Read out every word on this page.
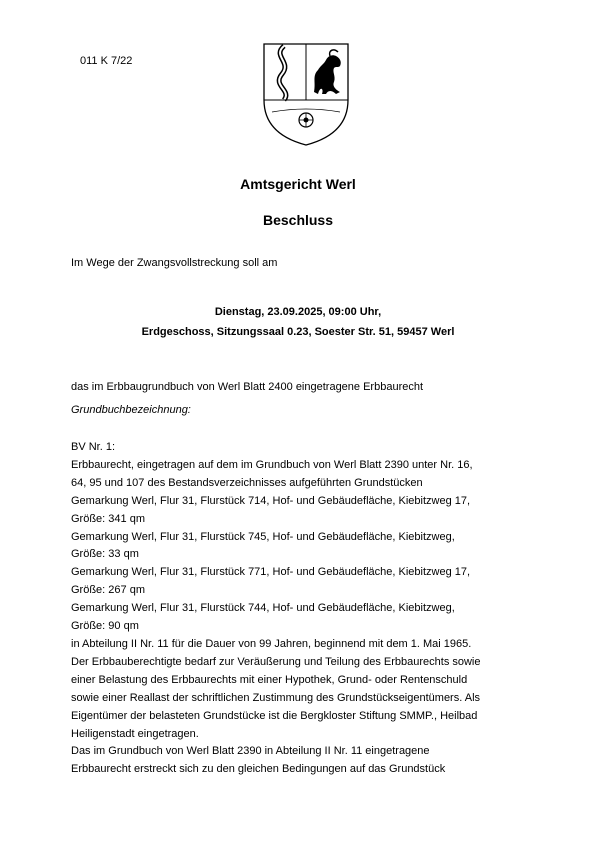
011 K 7/22
Amtsgericht Werl
Beschluss
Im Wege der Zwangsvollstreckung soll am
Dienstag, 23.09.2025, 09:00 Uhr,
Erdgeschoss, Sitzungssaal 0.23, Soester Str. 51, 59457 Werl
das im Erbbaugrundbuch von Werl Blatt 2400 eingetragene Erbbaurecht
Grundbuchbezeichnung:
BV Nr. 1:
Erbbaurecht, eingetragen auf dem im Grundbuch von Werl Blatt 2390 unter Nr. 16,
64, 95 und 107 des Bestandsverzeichnisses aufgeführten Grundstücken
Gemarkung Werl, Flur 31, Flurstück 714, Hof- und Gebäudefläche, Kiebitzweg 17,
Größe: 341 qm
Gemarkung Werl, Flur 31, Flurstück 745, Hof- und Gebäudefläche, Kiebitzweg,
Größe: 33 qm
Gemarkung Werl, Flur 31, Flurstück 771, Hof- und Gebäudefläche, Kiebitzweg 17,
Größe: 267 qm
Gemarkung Werl, Flur 31, Flurstück 744, Hof- und Gebäudefläche, Kiebitzweg,
Größe: 90 qm
in Abteilung II Nr. 11 für die Dauer von 99 Jahren, beginnend mit dem 1. Mai 1965.
Der Erbbauberechtigte bedarf zur Veräußerung und Teilung des Erbbaurechts sowie
einer Belastung des Erbbaurechts mit einer Hypothek, Grund- oder Rentenschuld
sowie einer Reallast der schriftlichen Zustimmung des Grundstückseigentümers. Als
Eigentümer der belasteten Grundstücke ist die Bergkloster Stiftung SMMP., Heilbad
Heiligenstadt eingetragen.
Das im Grundbuch von Werl Blatt 2390 in Abteilung II Nr. 11 eingetragene
Erbbaurecht erstreckt sich zu den gleichen Bedingungen auf das Grundstück
